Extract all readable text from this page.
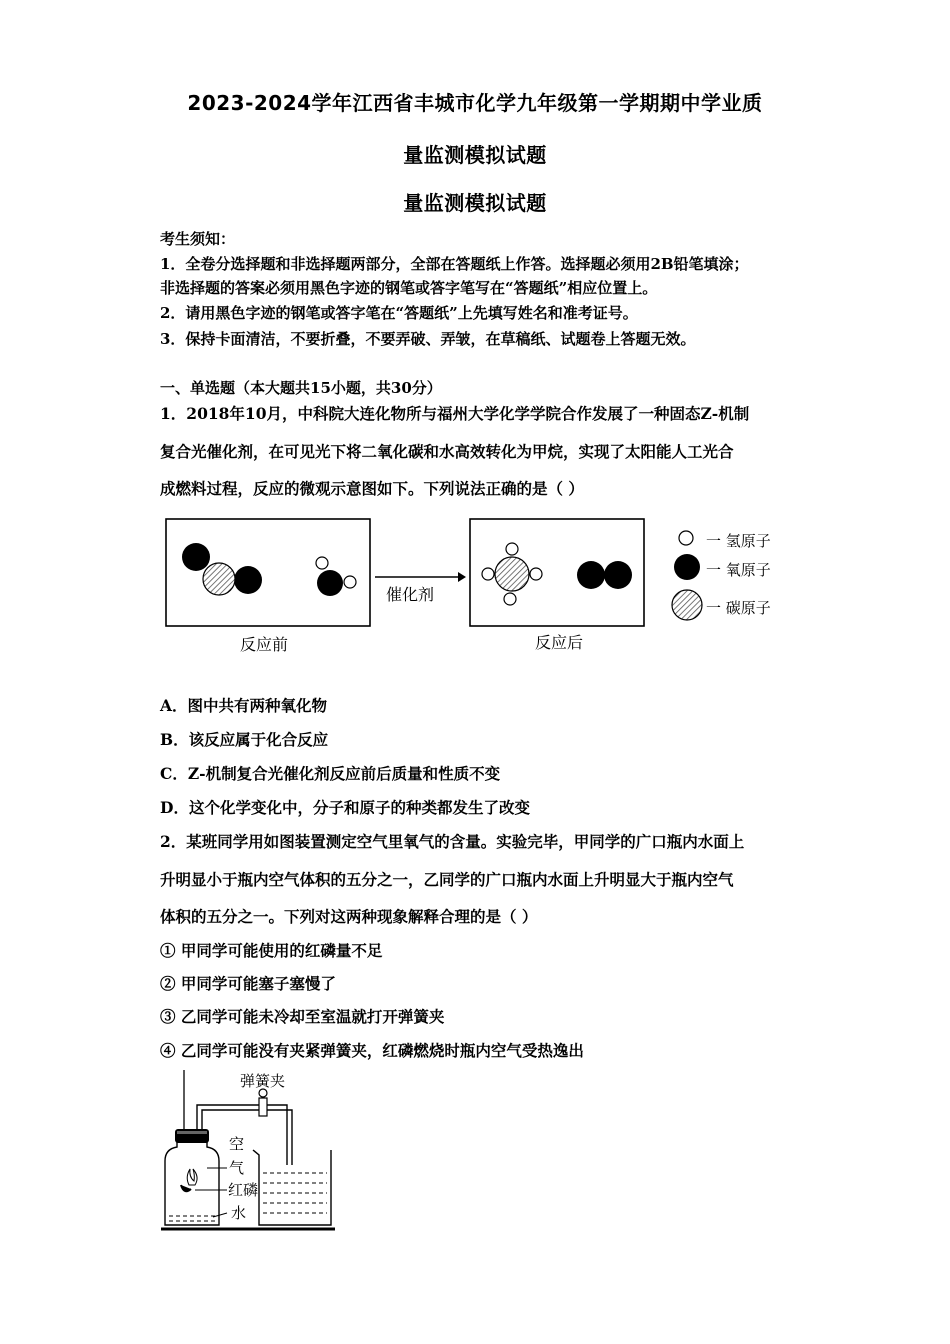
2023-2024学年江西省丰城市化学九年级第一学期期中学业质
量监测模拟试题
量监测模拟试题
考生须知：
1．全卷分选择题和非选择题两部分，全部在答题纸上作答。选择题必须用2B铅笔填涂；
非选择题的答案必须用黑色字迹的钢笔或答字笔写在“答题纸”相应位置上。
2．请用黑色字迹的钢笔或答字笔在“答题纸”上先填写姓名和准考证号。
3．保持卡面清洁，不要折叠，不要弄破、弄皱，在草稿纸、试题卷上答题无效。
一、单选题（本大题共15小题，共30分）
1．2018年10月，中科院大连化物所与福州大学化学学院合作发展了一种固态Z-机制
复合光催化剂，在可见光下将二氧化碳和水高效转化为甲烷，实现了太阳能人工光合
成燃料过程，反应的微观示意图如下。下列说法正确的是（ ）
催化剂
反应前	反应后
一 氢原子
一 氧原子
一 碳原子
A．图中共有两种氧化物
B．该反应属于化合反应
C．Z-机制复合光催化剂反应前后质量和性质不变
D．这个化学变化中，分子和原子的种类都发生了改变
2．某班同学用如图装置测定空气里氧气的含量。实验完毕，甲同学的广口瓶内水面上
升明显小于瓶内空气体积的五分之一，乙同学的广口瓶内水面上升明显大于瓶内空气
体积的五分之一。下列对这两种现象解释合理的是（ ）
① 甲同学可能使用的红磷量不足
② 甲同学可能塞子塞慢了
③ 乙同学可能未冷却至室温就打开弹簧夹
④ 乙同学可能没有夹紧弹簧夹，红磷燃烧时瓶内空气受热逸出
弹簧夹
空
气
红磷
水
